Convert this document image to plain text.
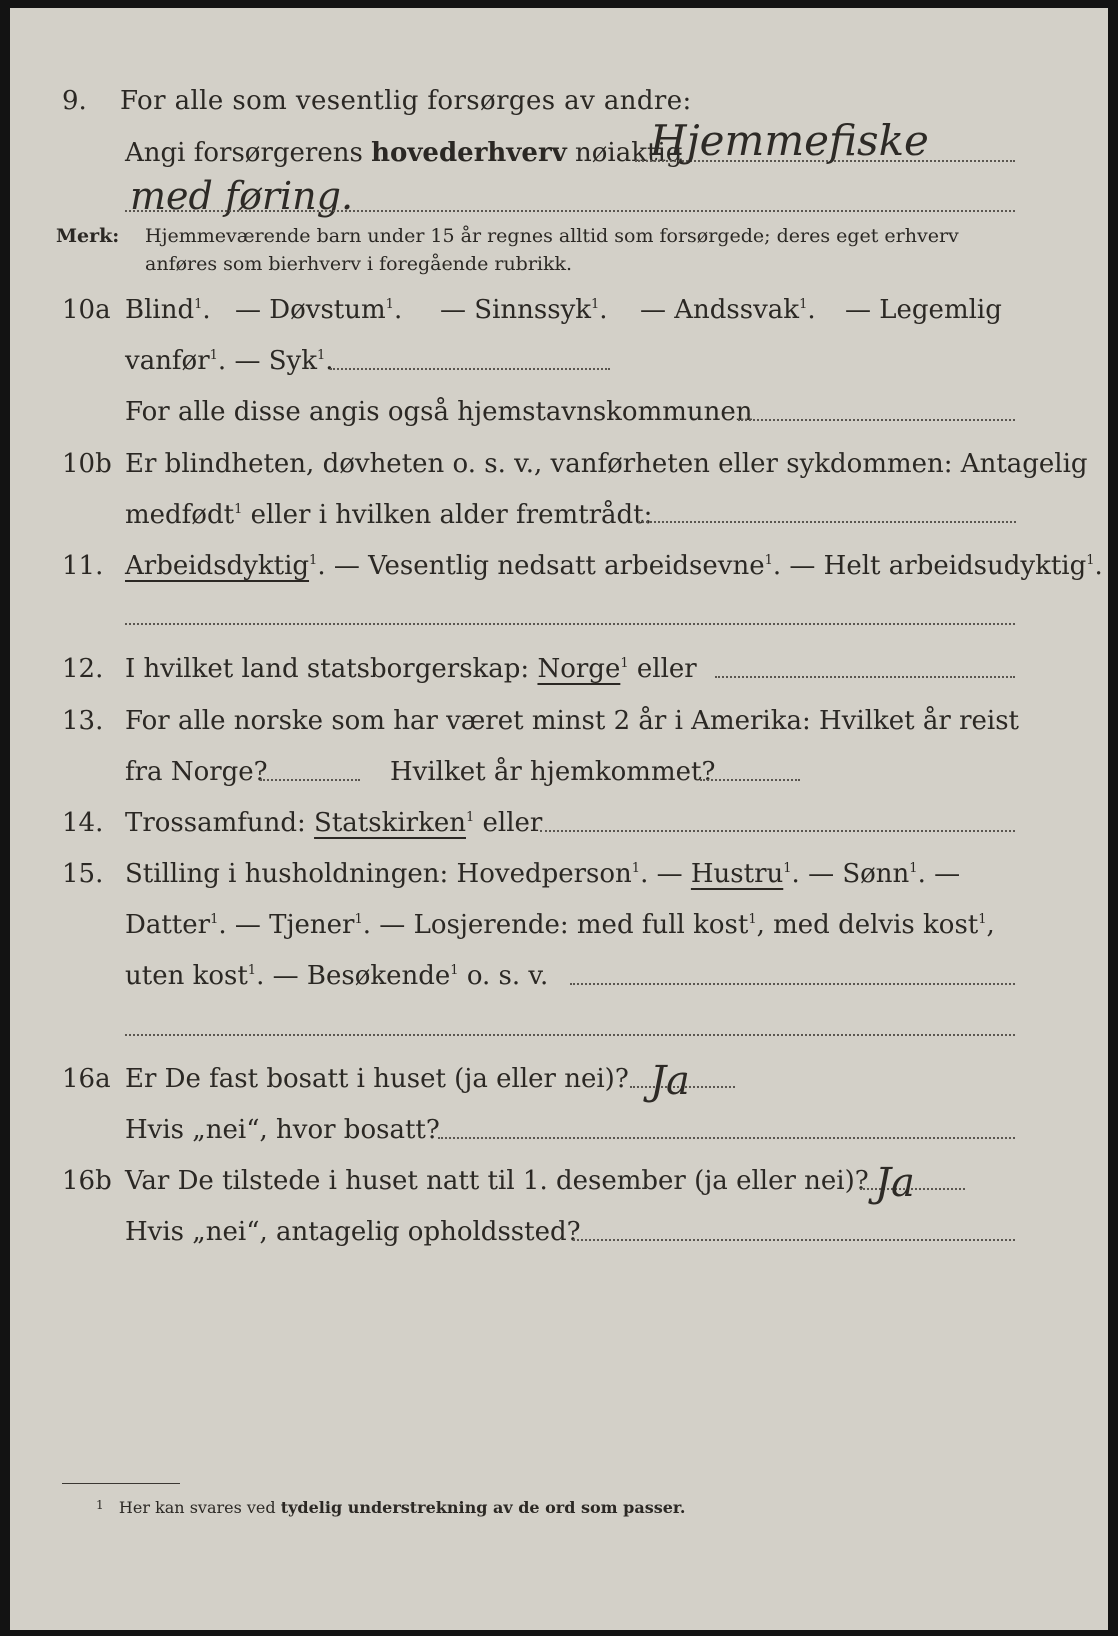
9. For alle som vesentlig forsørges av andre:
Angi forsørgerens hovederhverv nøiaktig
Hjemmefiske
med føring.
Merk: Hjemmeværende barn under 15 år regnes alltid som forsørgede; deres eget erhverv
anføres som bierhverv i foregående rubrikk.
10a Blind$^1$. — Døvstum$^1$. — Sinnssyk$^1$. — Andssvak$^1$. — Legemlig
vanfør$^1$. — Syk$^1$.
For alle disse angis også hjemstavnskommunen
10b Er blindheten, døvheten o. s. v., vanførheten eller sykdommen: Antagelig
medfødt$^1$ eller i hvilken alder fremtrådt:
11. Arbeidsdyktig$^1$. — Vesentlig nedsatt arbeidsevne$^1$. — Helt arbeidsudyktig$^1$.
12. I hvilket land statsborgerskap: Norge$^1$ eller
13. For alle norske som har været minst 2 år i Amerika: Hvilket år reist
fra Norge?	Hvilket år hjemkommet?
14. Trossamfund: Statskirken$^1$ eller
15. Stilling i husholdningen: Hovedperson$^1$. — Hustru$^1$. — Sønn$^1$. —
Datter$^1$. — Tjener$^1$. — Losjerende: med full kost$^1$, med delvis kost$^1$,
uten kost$^1$. — Besøkende$^1$ o. s. v.
16a Er De fast bosatt i huset (ja eller nei)? Ja
Hvis „nei“, hvor bosatt?
16b Var De tilstede i huset natt til 1. desember (ja eller nei)? Ja
Hvis „nei“, antagelig opholdssted?
$^1$ Her kan svares ved tydelig understrekning av de ord som passer.
